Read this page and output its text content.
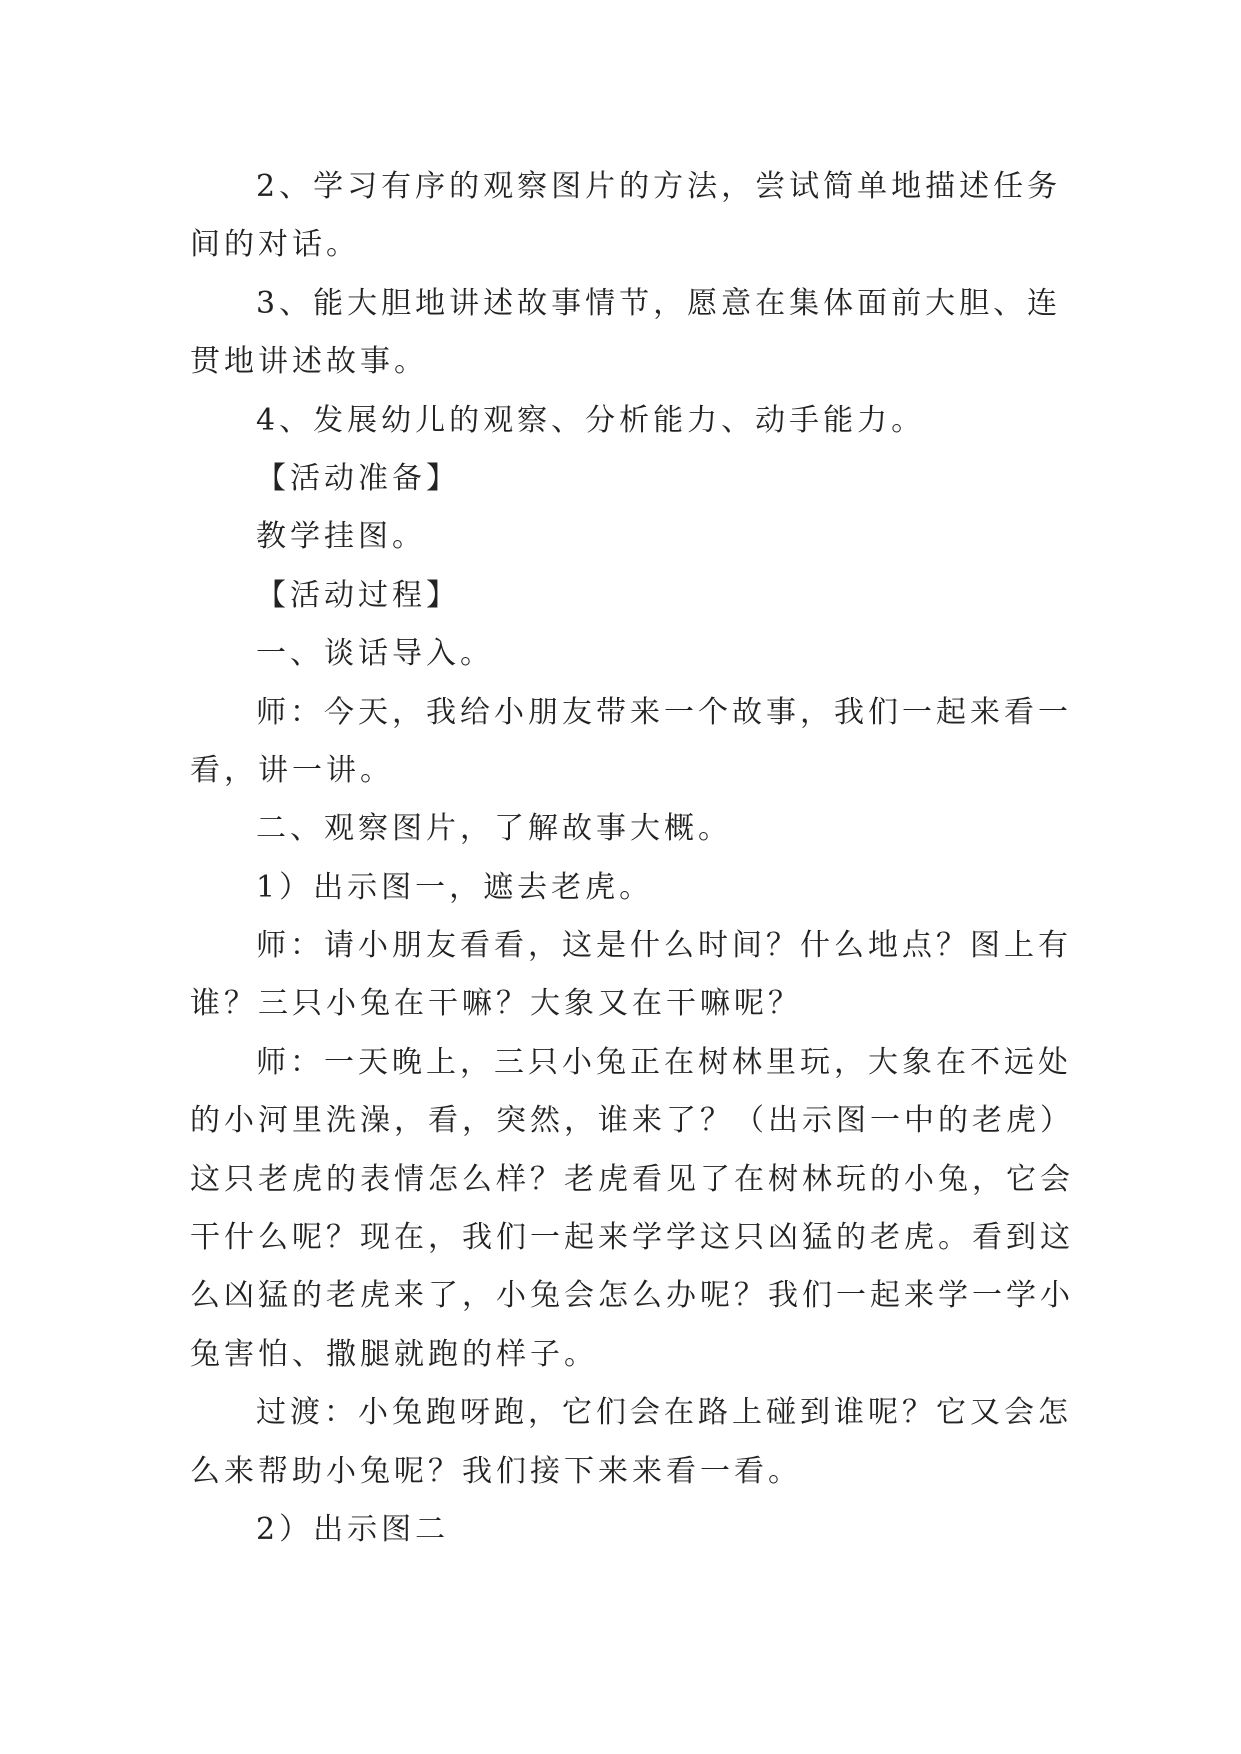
2、学习有序的观察图片的方法，尝试简单地描述任务
间的对话。
3、能大胆地讲述故事情节，愿意在集体面前大胆、连
贯地讲述故事。
4、发展幼儿的观察、分析能力、动手能力。
【活动准备】
教学挂图。
【活动过程】
一、谈话导入。
师：今天，我给小朋友带来一个故事，我们一起来看一
看，讲一讲。
二、观察图片，了解故事大概。
1）出示图一，遮去老虎。
师：请小朋友看看，这是什么时间？什么地点？图上有
谁？三只小兔在干嘛？大象又在干嘛呢？
师：一天晚上，三只小兔正在树林里玩，大象在不远处
的小河里洗澡，看，突然，谁来了？（出示图一中的老虎）
这只老虎的表情怎么样？老虎看见了在树林玩的小兔，它会
干什么呢？现在，我们一起来学学这只凶猛的老虎。看到这
么凶猛的老虎来了，小兔会怎么办呢？我们一起来学一学小
兔害怕、撒腿就跑的样子。
过渡：小兔跑呀跑，它们会在路上碰到谁呢？它又会怎
么来帮助小兔呢？我们接下来来看一看。
2）出示图二
